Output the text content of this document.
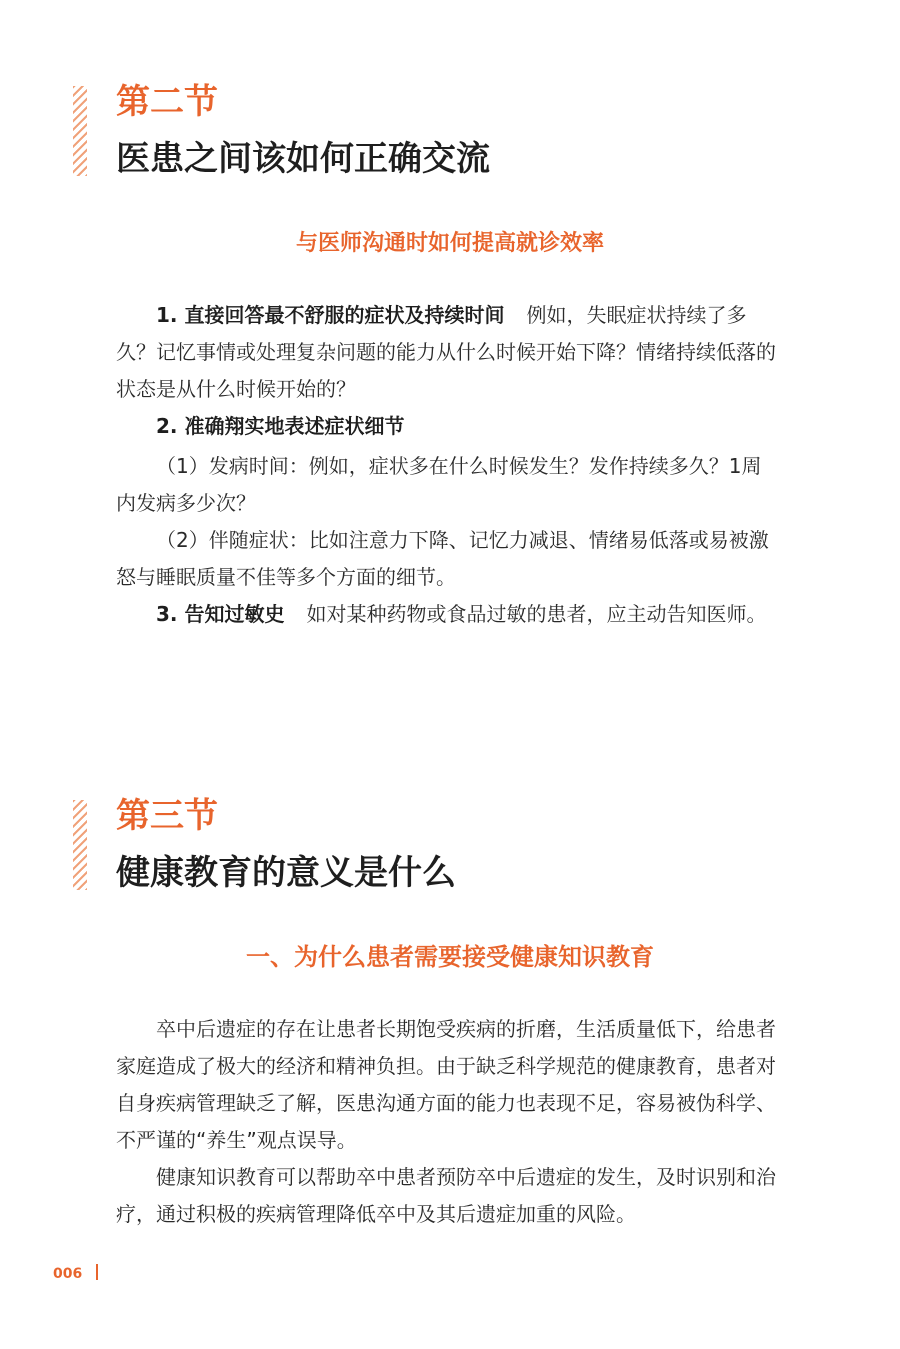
第二节
医患之间该如何正确交流
与医师沟通时如何提高就诊效率

1. 直接回答最不舒服的症状及持续时间 例如，失眠症状持续了多久？记忆事情或处理复杂问题的能力从什么时候开始下降？情绪持续低落的状态是从什么时候开始的？

2. 准确翔实地表述症状细节

（1）发病时间：例如，症状多在什么时候发生？发作持续多久？1周内发病多少次？

（2）伴随症状：比如注意力下降、记忆力减退、情绪易低落或易被激怒与睡眠质量不佳等多个方面的细节。

3. 告知过敏史 如对某种药物或食品过敏的患者，应主动告知医师。

第三节
健康教育的意义是什么
一、为什么患者需要接受健康知识教育

卒中后遗症的存在让患者长期饱受疾病的折磨，生活质量低下，给患者家庭造成了极大的经济和精神负担。由于缺乏科学规范的健康教育，患者对自身疾病管理缺乏了解，医患沟通方面的能力也表现不足，容易被伪科学、不严谨的“养生”观点误导。

健康知识教育可以帮助卒中患者预防卒中后遗症的发生，及时识别和治疗，通过积极的疾病管理降低卒中及其后遗症加重的风险。

006
